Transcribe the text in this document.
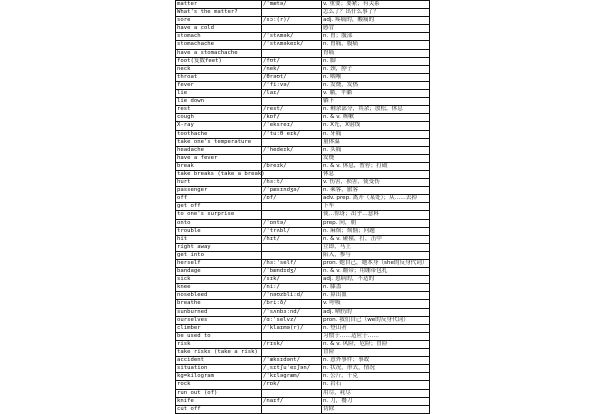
matter	/ˈmætə/	v. 重要；要紧；有关系
What's the matter?		怎么了？出什么事了？
sore	/sɔː(r)/	adj. 疼痛的，酸痛的
have a cold		感冒
stomach	/ˈstʌmək/	n. 胃；腹部
stomachache	/ˈstʌməkeɪk/	n. 胃痛，腹痛
have a stomachache		胃痛
foot(复数feet)	/fʊt/	n. 脚
neck	/nek/	n. 颈，脖子
throat	/θrəʊt/	n. 咽喉
fever	/ˈfiːvə/	n. 发烧，发热
lie	/laɪ/	v. 躺，平躺
lie down		躺下
rest	/rest/	n. 剩余部分，其余；放松，休息
cough	/kɒf/	n. & v. 咳嗽
X-ray	/ˈeksreɪ/	n. X光，X射线
toothache	/ˈtuːθ eɪk/	n. 牙痛
take one's temperature		量体温
headache	/ˈhedeɪk/	n. 头痛
have a fever		发烧
break	/breɪk/	n. & v. 休息，暂停；打破
take breaks (take a break)		休息
hurt	/hɜːt/	v. 伤害，损害，使受伤
passenger	/ˈpæsɪndʒə/	n. 乘客，旅客
off	/ɒf/	adv. prep. 离开（某处）；从……去掉
get off		下车
to one's surprise		使…惊讶；出乎…意料
onto	/ˈɒntə/	prep. 向，朝
trouble	/ˈtrʌbl/	n. 麻烦；烦恼；问题
hit	/hɪt/	n. & v. 碰撞，打，击中
right away		立即，马上
get into		陷入，参与
herself	/hɜːˈself/	pron. 她自己，她本身（she的反身代词）
bandage	/ˈbændɪdʒ/	n. & v. 绷带；用绷带包扎
sick	/sɪk/	adj. 患病的，不适的
knee	/niː/	n. 膝盖
nosebleed	/ˈnəʊzbliːd/	n. 鼻出血
breathe	/briːð/	v. 呼吸
sunburned	/ˈsʌnbɜːnd/	adj. 晒伤的
ourselves	/ɑːˈselvz/	pron. 我们自己（we的反身代词）
climber	/ˈklaɪmə(r)/	n. 登山者
be used to		习惯于……适应于……
risk	/rɪsk/	n. & v. 风险，危险；冒险
take risks (take a risk)		冒险
accident	/ˈæksɪdənt/	n. 意外事件；事故
situation	/ˌsɪtʃuˈeɪʃən/	n. 状况，形式，情况
kg=kilogram	/ˈkɪləgræm/	n. 公斤，千克
rock	/rɒk/	n. 岩石
run out (of)		用尽，耗尽
knife	/naɪf/	n. 刀，餐刀
cut off		切除
